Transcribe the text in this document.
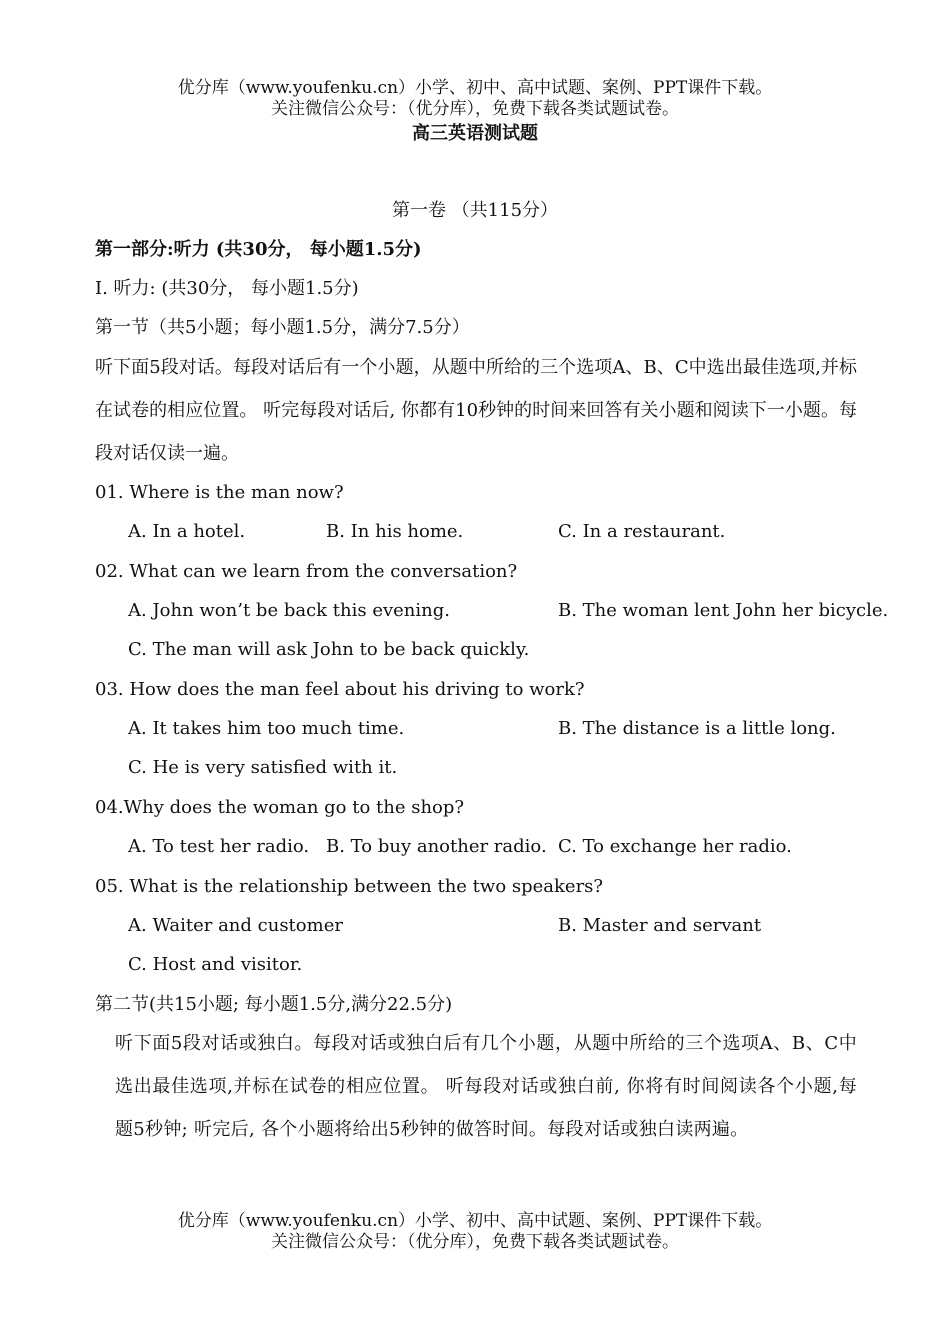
优分库（www.youfenku.cn）小学、初中、高中试题、案例、PPT课件下载。
关注微信公众号：（优分库），免费下载各类试题试卷。
高三英语测试题
第一卷 （共115分）
第一部分:听力 (共30分， 每小题1.5分)
I. 听力: (共30分， 每小题1.5分)
第一节（共5小题；每小题1.5分，满分7.5分）
听下面5段对话。每段对话后有一个小题，从题中所给的三个选项A、B、C中选出最佳选项,并标在试卷的相应位置。 听完每段对话后, 你都有10秒钟的时间来回答有关小题和阅读下一小题。每段对话仅读一遍。
01. Where is the man now?
A. In a hotel.	B. In his home.	C. In a restaurant.
02. What can we learn from the conversation?
A. John won’t be back this evening.	B. The woman lent John her bicycle.
C. The man will ask John to be back quickly.
03. How does the man feel about his driving to work?
A. It takes him too much time.	B. The distance is a little long.
C. He is very satisfied with it.
04.Why does the woman go to the shop?
A. To test her radio. B. To buy another radio. C. To exchange her radio.
05. What is the relationship between the two speakers?
A. Waiter and customer	B. Master and servant
C. Host and visitor.
第二节(共15小题; 每小题1.5分,满分22.5分)
听下面5段对话或独白。每段对话或独白后有几个小题，从题中所给的三个选项A、B、C中选出最佳选项,并标在试卷的相应位置。 听每段对话或独白前, 你将有时间阅读各个小题,每题5秒钟; 听完后, 各个小题将给出5秒钟的做答时间。每段对话或独白读两遍。
优分库（www.youfenku.cn）小学、初中、高中试题、案例、PPT课件下载。
关注微信公众号：（优分库），免费下载各类试题试卷。
